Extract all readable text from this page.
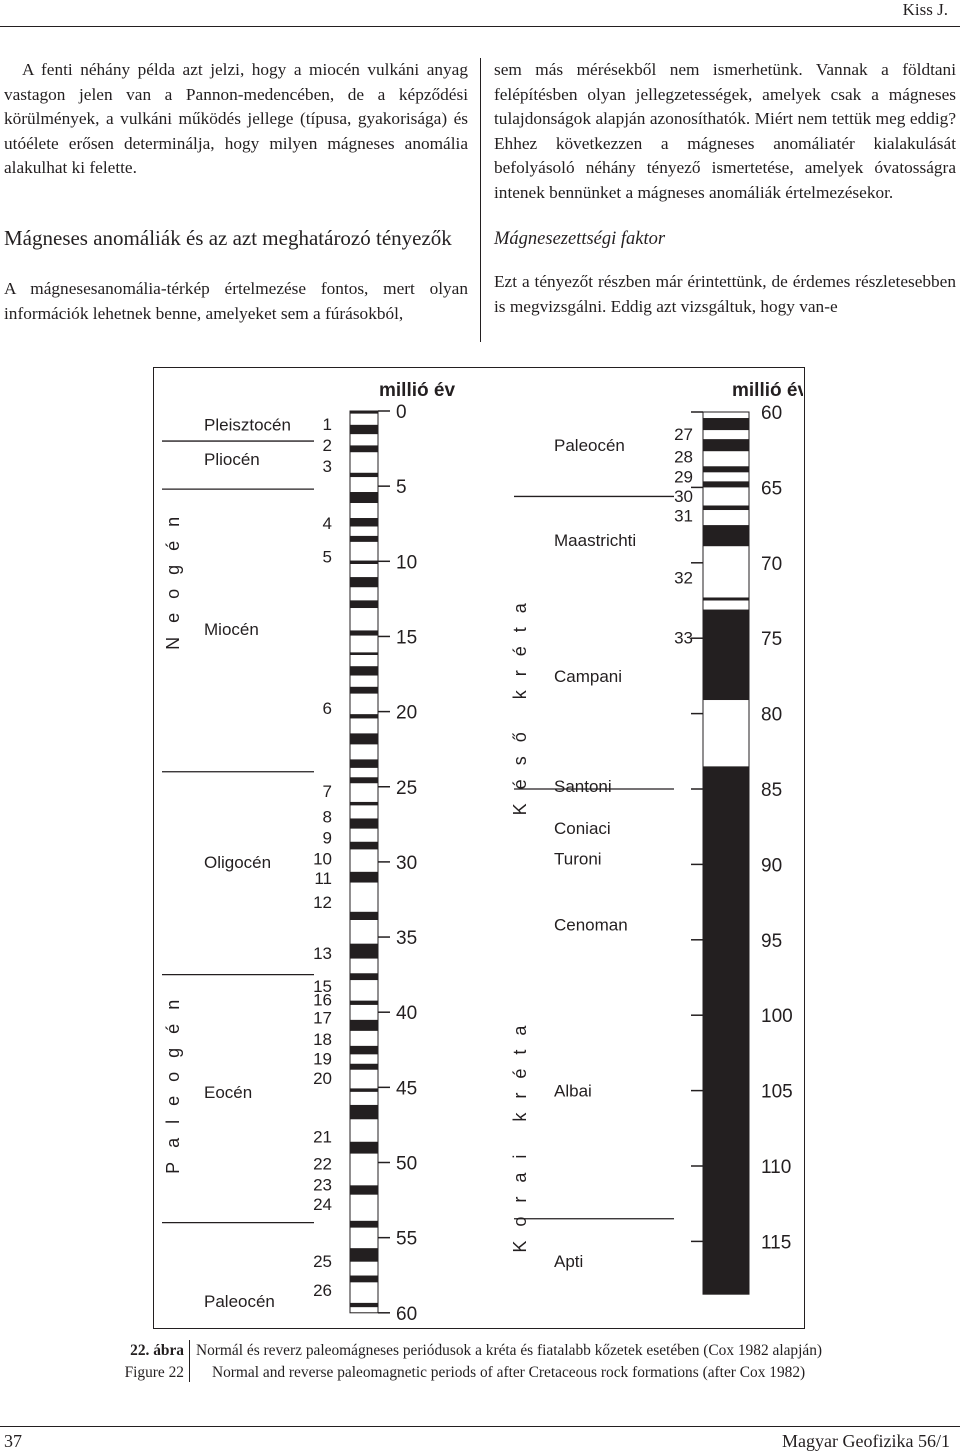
Kiss J.

A fenti néhány példa azt jelzi, hogy a miocén vulkáni anyag vastagon jelen van a Pannon-medencében, de a képződési körülmények, a vulkáni működés jellege (típusa, gyakorisága) és utóélete erősen determinálja, hogy milyen mágneses anomália alakulhat ki felette.

Mágneses anomáliák és az azt meghatározó tényezők

A mágnesesanomália-térkép értelmezése fontos, mert olyan információk lehetnek benne, amelyeket sem a fúrásokból,

sem más mérésekből nem ismerhetünk. Vannak a földtani felépítésben olyan jellegzetességek, amelyek csak a mágneses tulajdonságok alapján azonosíthatók. Miért nem tettük meg eddig? Ehhez következzen a mágneses anomáliatér kialakulását befolyásoló néhány tényező ismertetése, amelyek óvatosságra intenek bennünket a mágneses anomáliák értelmezésekor.

Mágnesezettségi faktor

Ezt a tényezőt részben már érintettünk, de érdemes részletesebben is megvizsgálni. Eddig azt vizsgáltuk, hogy van-e

millió év	millió év
0
5
10
15
20
25
30
35
40
45
50
55
60
1
2
3
4
5
6
7
8
9
10
11
12
13
15
16
17
18
19
20
21
22
23
24
25
26
Pleisztocén
Pliocén
Miocén
Oligocén
Eocén
Paleocén
60
65
70
75
80
85
90
95
100
105
110
115
27
28
29
30
31
32
33
Paleocén
Maastrichti
Campani
Santoni
Coniaci
Turoni
Cenoman
Albai
Apti
Neogén
Paleogén
Késő kréta
Korai kréta
22. ábra Normál és reverz paleomágneses periódusok a kréta és fiatalabb kőzetek esetében (Cox 1982 alapján)
Figure 22 Normal and reverse paleomagnetic periods of after Cretaceous rock formations (after Cox 1982)
37	Magyar Geofizika 56/1
